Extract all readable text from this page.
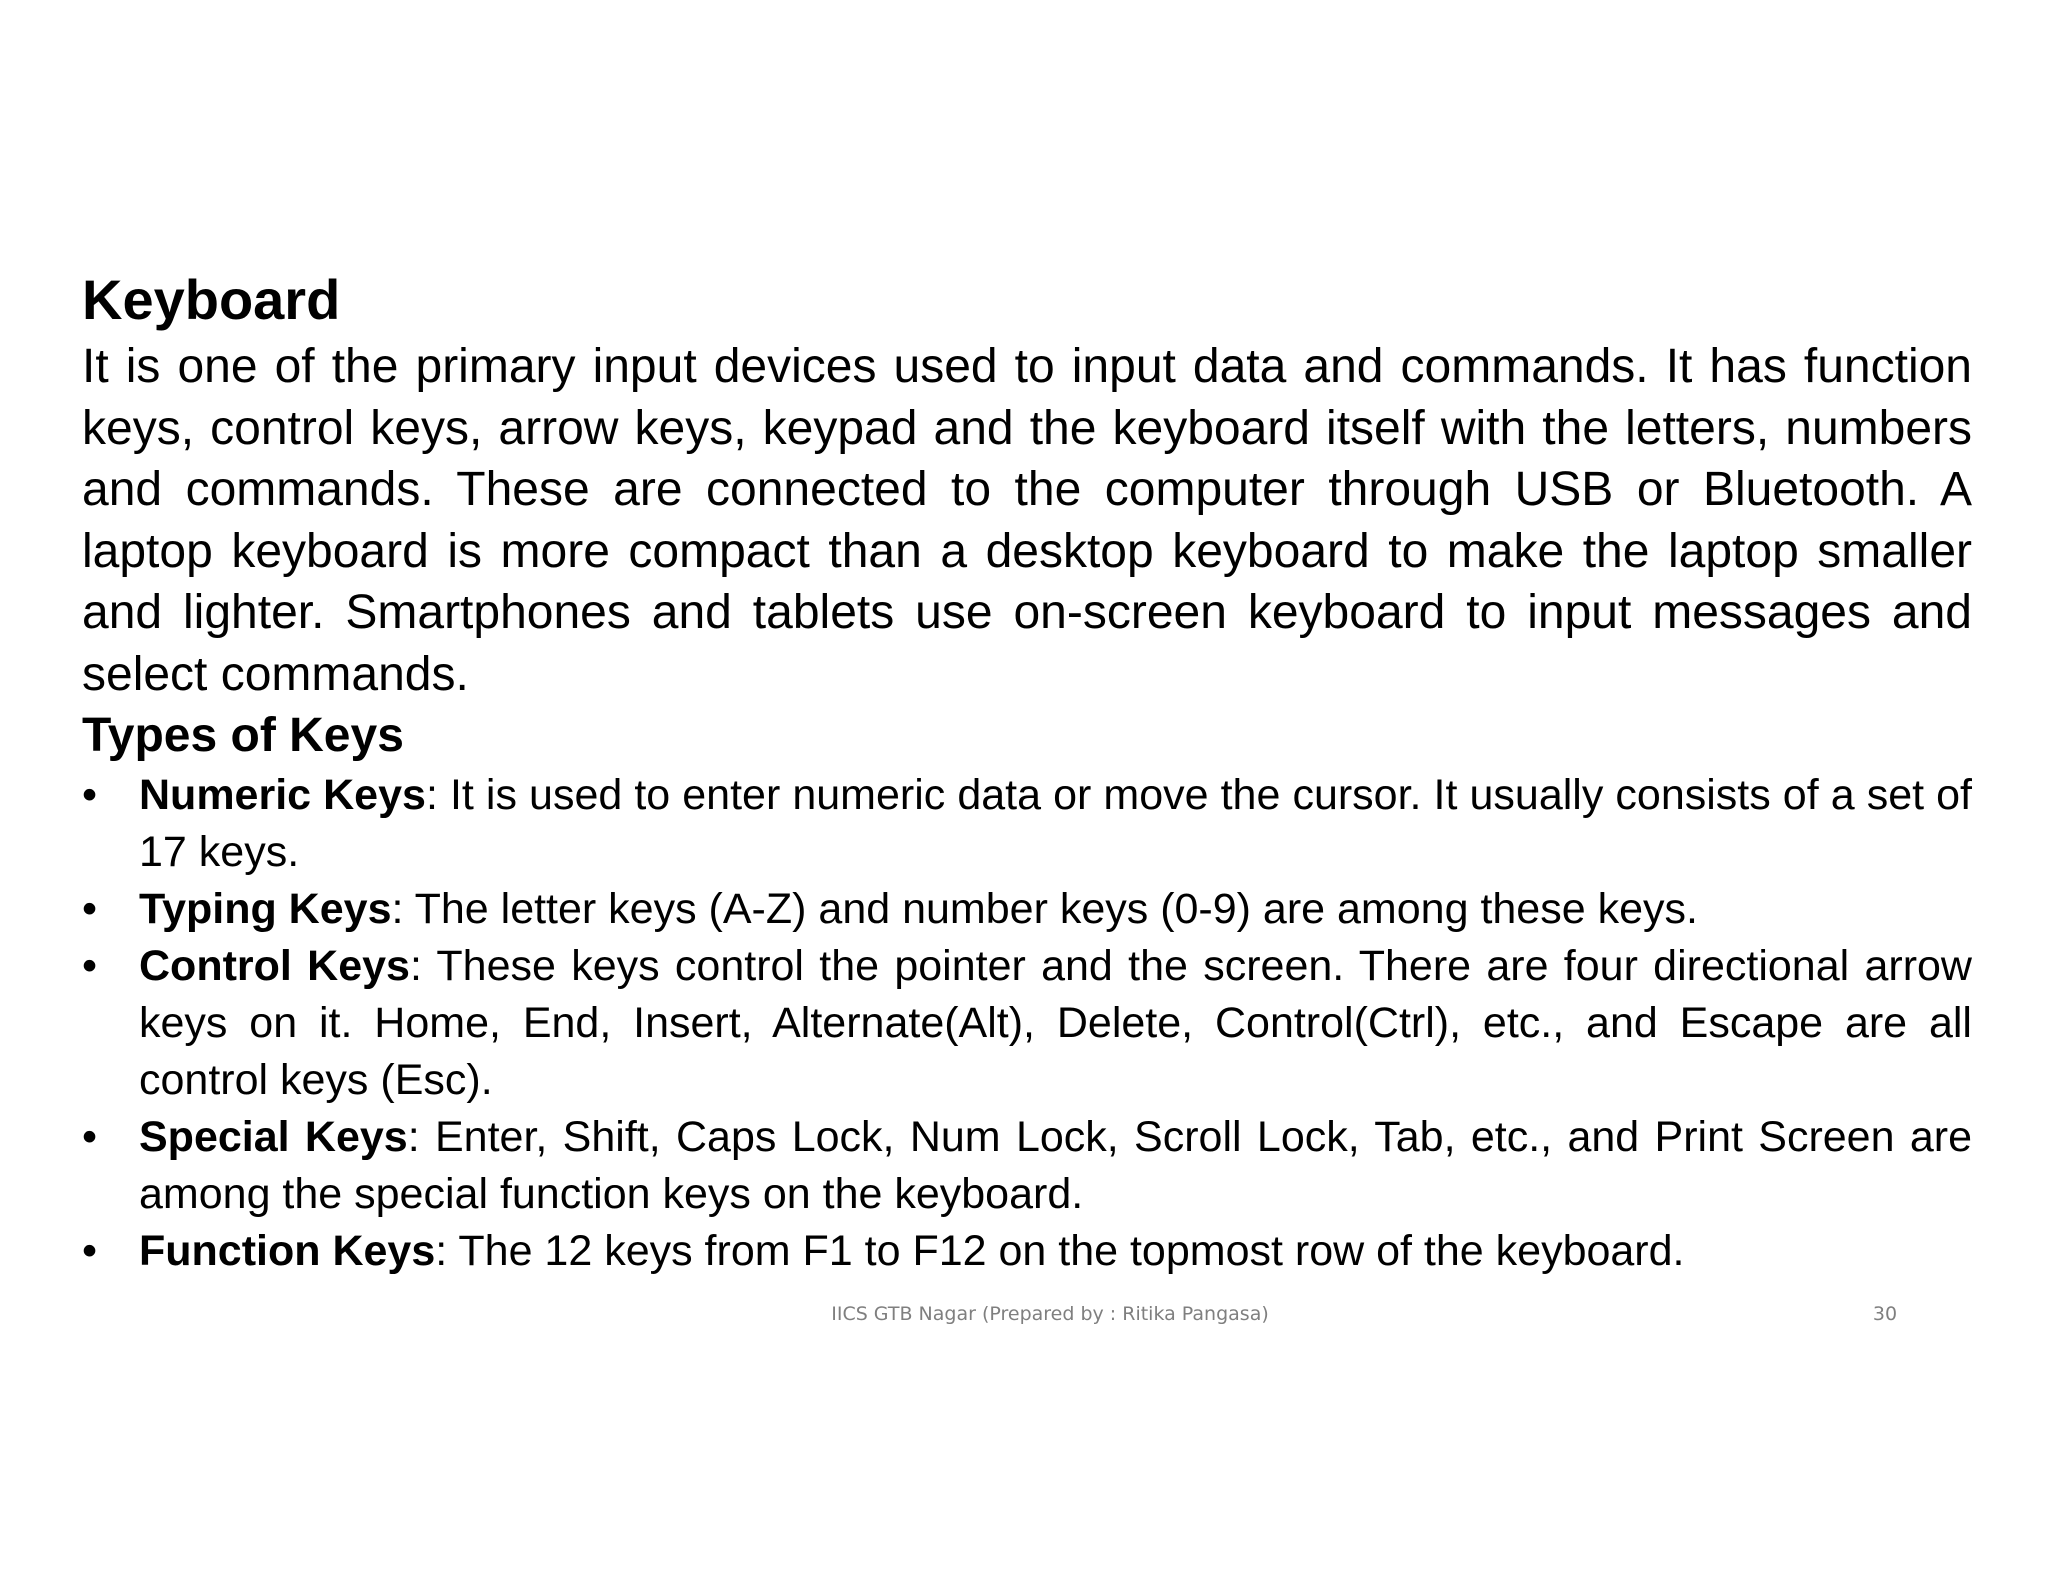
Keyboard

It is one of the primary input devices used to input data and commands. It has function keys, control keys, arrow keys, keypad and the keyboard itself with the letters, numbers and commands. These are connected to the computer through USB or Bluetooth. A laptop keyboard is more compact than a desktop keyboard to make the laptop smaller and lighter. Smartphones and tablets use on-screen keyboard to input messages and select commands.

Types of Keys
• Numeric Keys: It is used to enter numeric data or move the cursor. It usually consists of a set of 17 keys.
• Typing Keys: The letter keys (A-Z) and number keys (0-9) are among these keys.
• Control Keys: These keys control the pointer and the screen. There are four directional arrow keys on it. Home, End, Insert, Alternate(Alt), Delete, Control(Ctrl), etc., and Escape are all control keys (Esc).
• Special Keys: Enter, Shift, Caps Lock, Num Lock, Scroll Lock, Tab, etc., and Print Screen are among the special function keys on the keyboard.
• Function Keys: The 12 keys from F1 to F12 on the topmost row of the keyboard.
IICS GTB Nagar (Prepared by : Ritika Pangasa)	30
